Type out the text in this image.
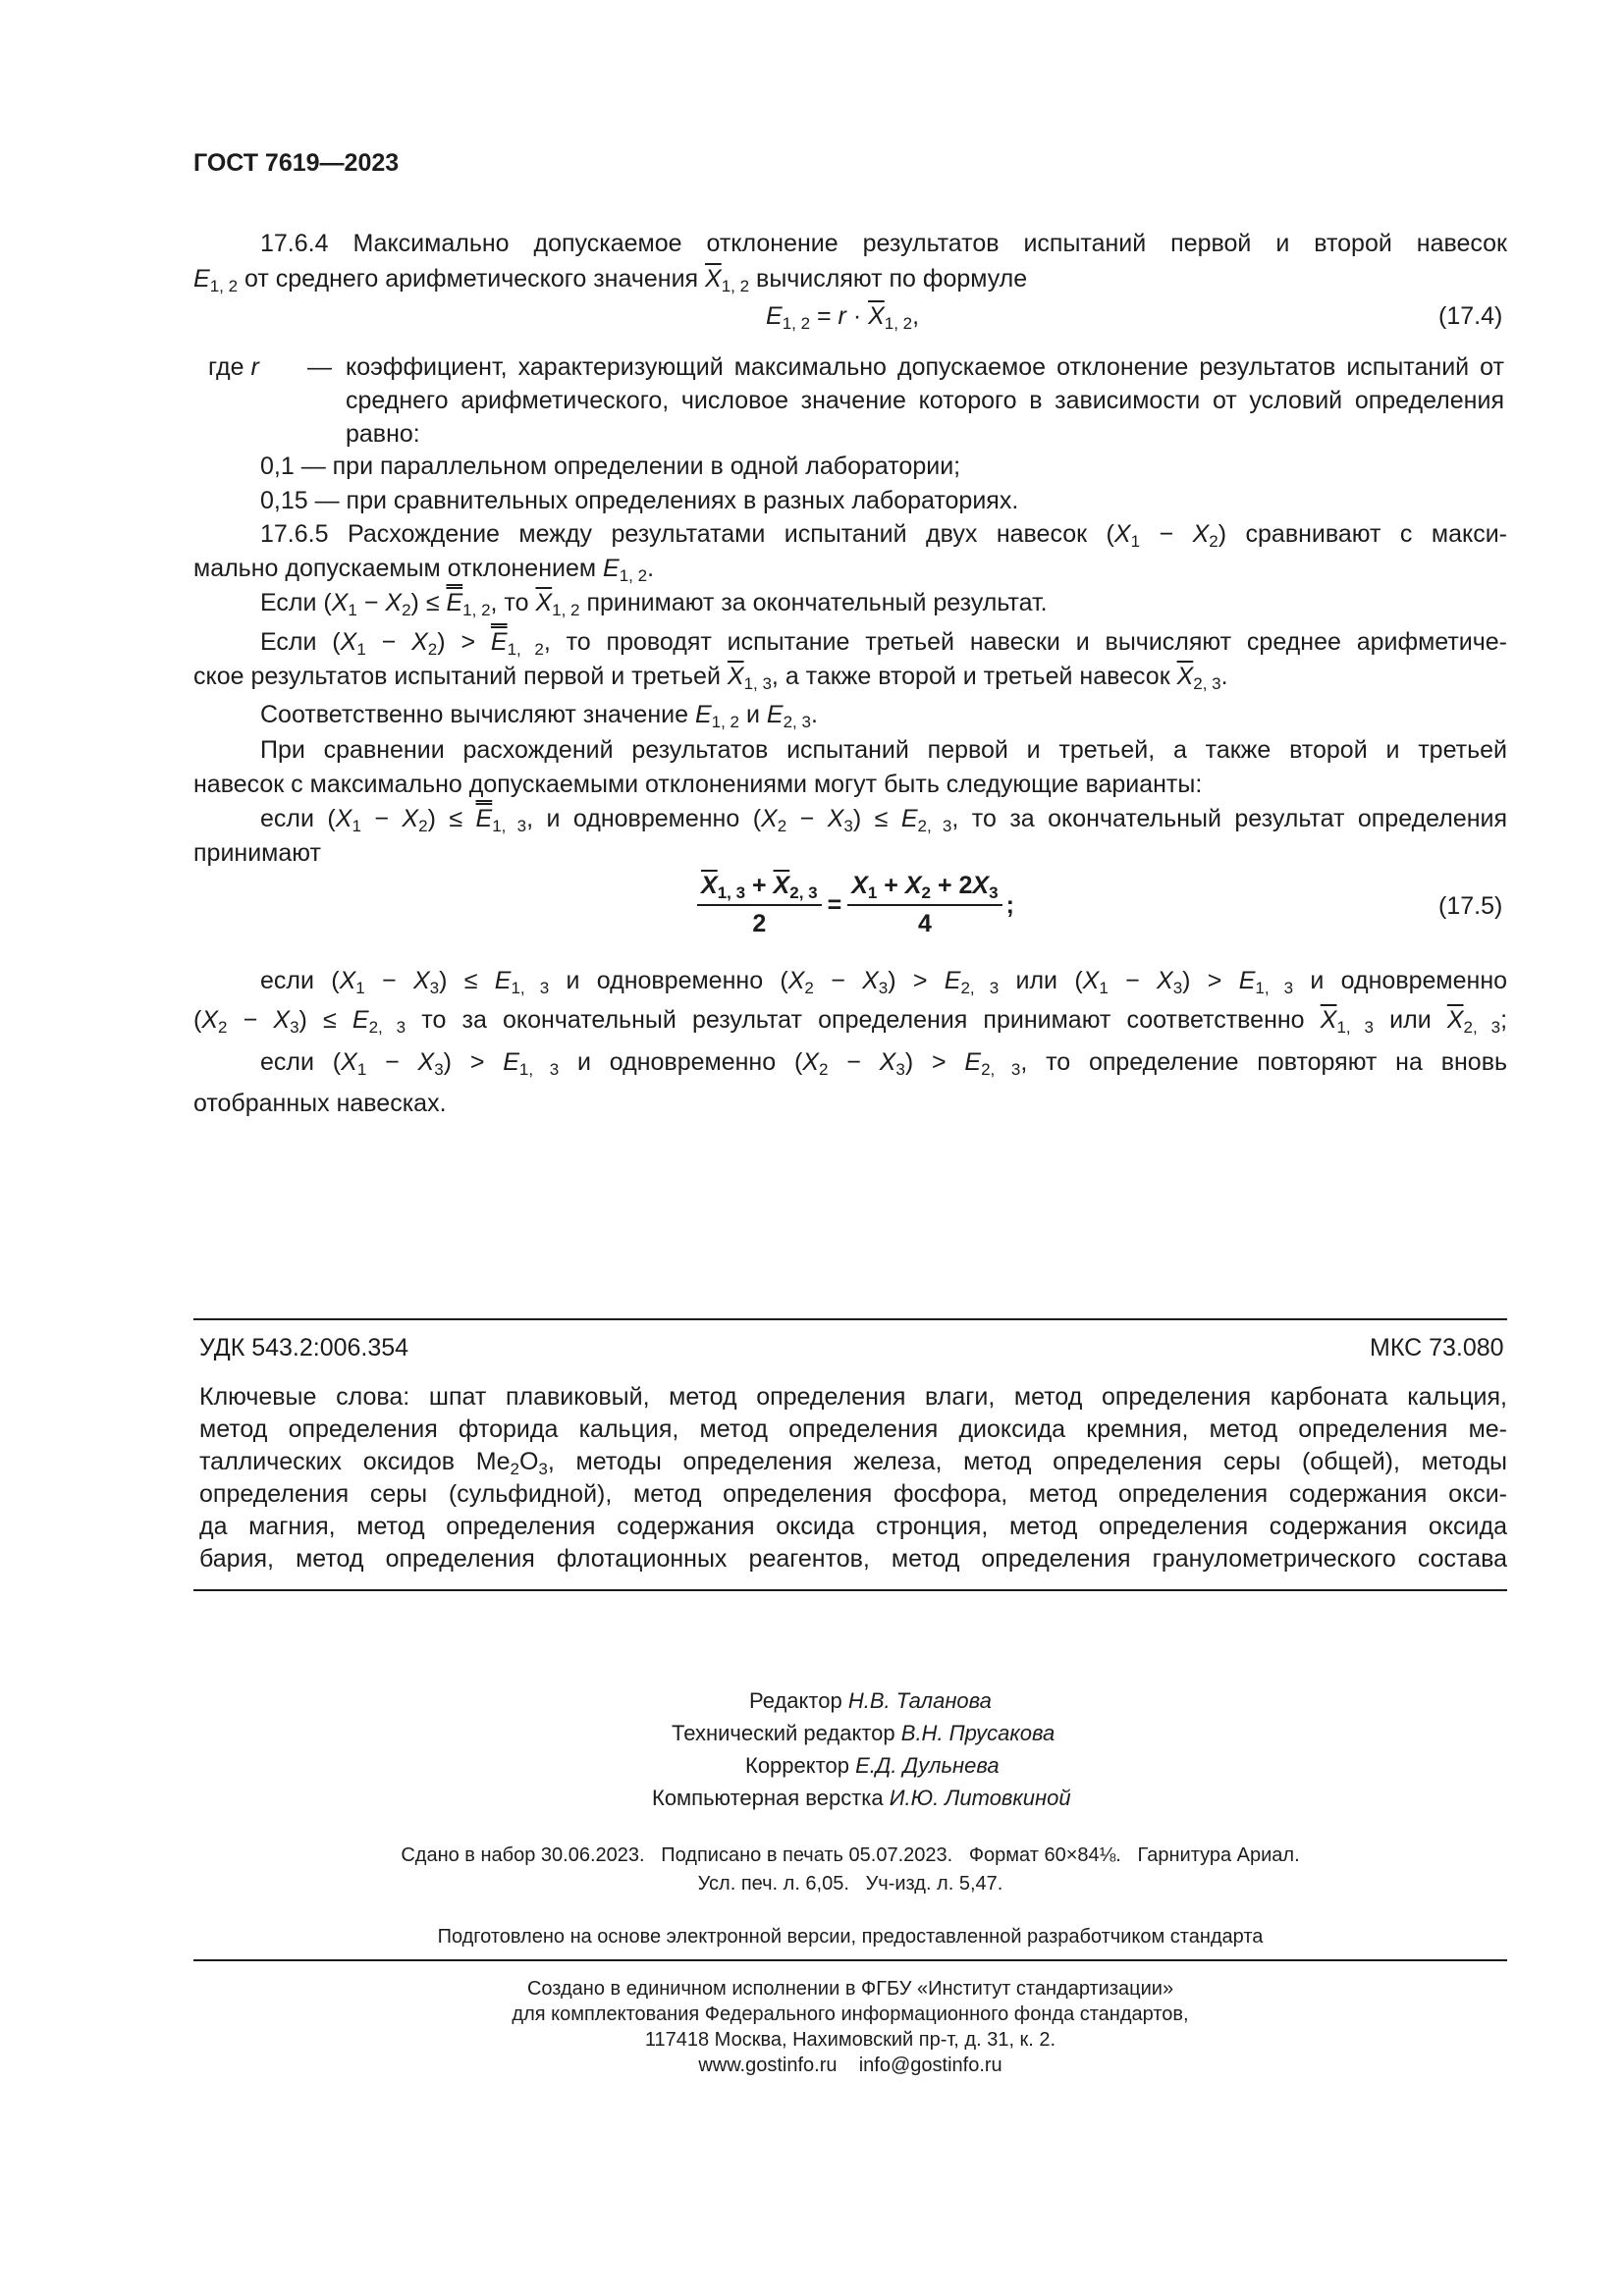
ГОСТ 7619—2023
17.6.4 Максимально допускаемое отклонение результатов испытаний первой и второй навесок
$E_{1, 2}$ от среднего арифметического значения $\overline{X}_{1, 2}$ вычисляют по формуле
$E_{1, 2} = r \cdot \overline{X}_{1, 2}$,	(17.4)
где r — коэффициент, характеризующий максимально допускаемое отклонение результатов испытаний от среднего арифметического, числовое значение которого в зависимости от условий определения равно:
0,1 — при параллельном определении в одной лаборатории;
0,15 — при сравнительных определениях в разных лабораториях.
17.6.5 Расхождение между результатами испытаний двух навесок $(X_1 - X_2)$ сравнивают с макси-
мально допускаемым отклонением $E_{1, 2}$.
Если $(X_1 - X_2) \le E_{1, 2}$, то $\overline{X}_{1, 2}$ принимают за окончательный результат.
Если $(X_1 - X_2) > E_{1, 2}$, то проводят испытание третьей навески и вычисляют среднее арифметиче-
ское результатов испытаний первой и третьей $\overline{X}_{1, 3}$, а также второй и третьей навесок $\overline{X}_{2, 3}$.
Соответственно вычисляют значение $E_{1, 2}$ и $E_{2, 3}$.
При сравнении расхождений результатов испытаний первой и третьей, а также второй и третьей
навесок с максимально допускаемыми отклонениями могут быть следующие варианты:
если $(X_1 - X_2) \le E_{1, 3}$, и одновременно $(X_2 - X_3) \le E_{2, 3}$, то за окончательный результат определения
принимают
$\frac{\overline{X}_{1, 3} + \overline{X}_{2, 3}}{2} = \frac{X_1 + X_2 + 2X_3}{4}$ ;	(17.5)
если $(X_1 - X_3) \le E_{1, 3}$ и одновременно $(X_2 - X_3) > E_{2, 3}$ или $(X_1 - X_3) > E_{1, 3}$ и одновременно
$(X_2 - X_3) \le E_{2, 3}$ то за окончательный результат определения принимают соответственно $\overline{X}_{1, 3}$ или $\overline{X}_{2, 3}$;
если $(X_1 - X_3) > E_{1, 3}$ и одновременно $(X_2 - X_3) > E_{2, 3}$, то определение повторяют на вновь
отобранных навесках.
УДК 543.2:006.354	МКС 73.080
Ключевые слова: шпат плавиковый, метод определения влаги, метод определения карбоната кальция,
метод определения фторида кальция, метод определения диоксида кремния, метод определения ме-
таллических оксидов $Me_2O_3$, методы определения железа, метод определения серы (общей), методы
определения серы (сульфидной), метод определения фосфора, метод определения содержания окси-
да магния, метод определения содержания оксида стронция, метод определения содержания оксида
бария, метод определения флотационных реагентов, метод определения гранулометрического состава
Редактор Н.В. Таланова
Технический редактор В.Н. Прусакова
Корректор Е.Д. Дульнева
Компьютерная верстка И.Ю. Литовкиной
Сдано в набор 30.06.2023.   Подписано в печать 05.07.2023.   Формат 60×84⅛.   Гарнитура Ариал.
Усл. печ. л. 6,05.   Уч-изд. л. 5,47.
Подготовлено на основе электронной версии, предоставленной разработчиком стандарта
Создано в единичном исполнении в ФГБУ «Институт стандартизации»
для комплектования Федерального информационного фонда стандартов,
117418 Москва, Нахимовский пр-т, д. 31, к. 2.
www.gostinfo.ru    info@gostinfo.ru
